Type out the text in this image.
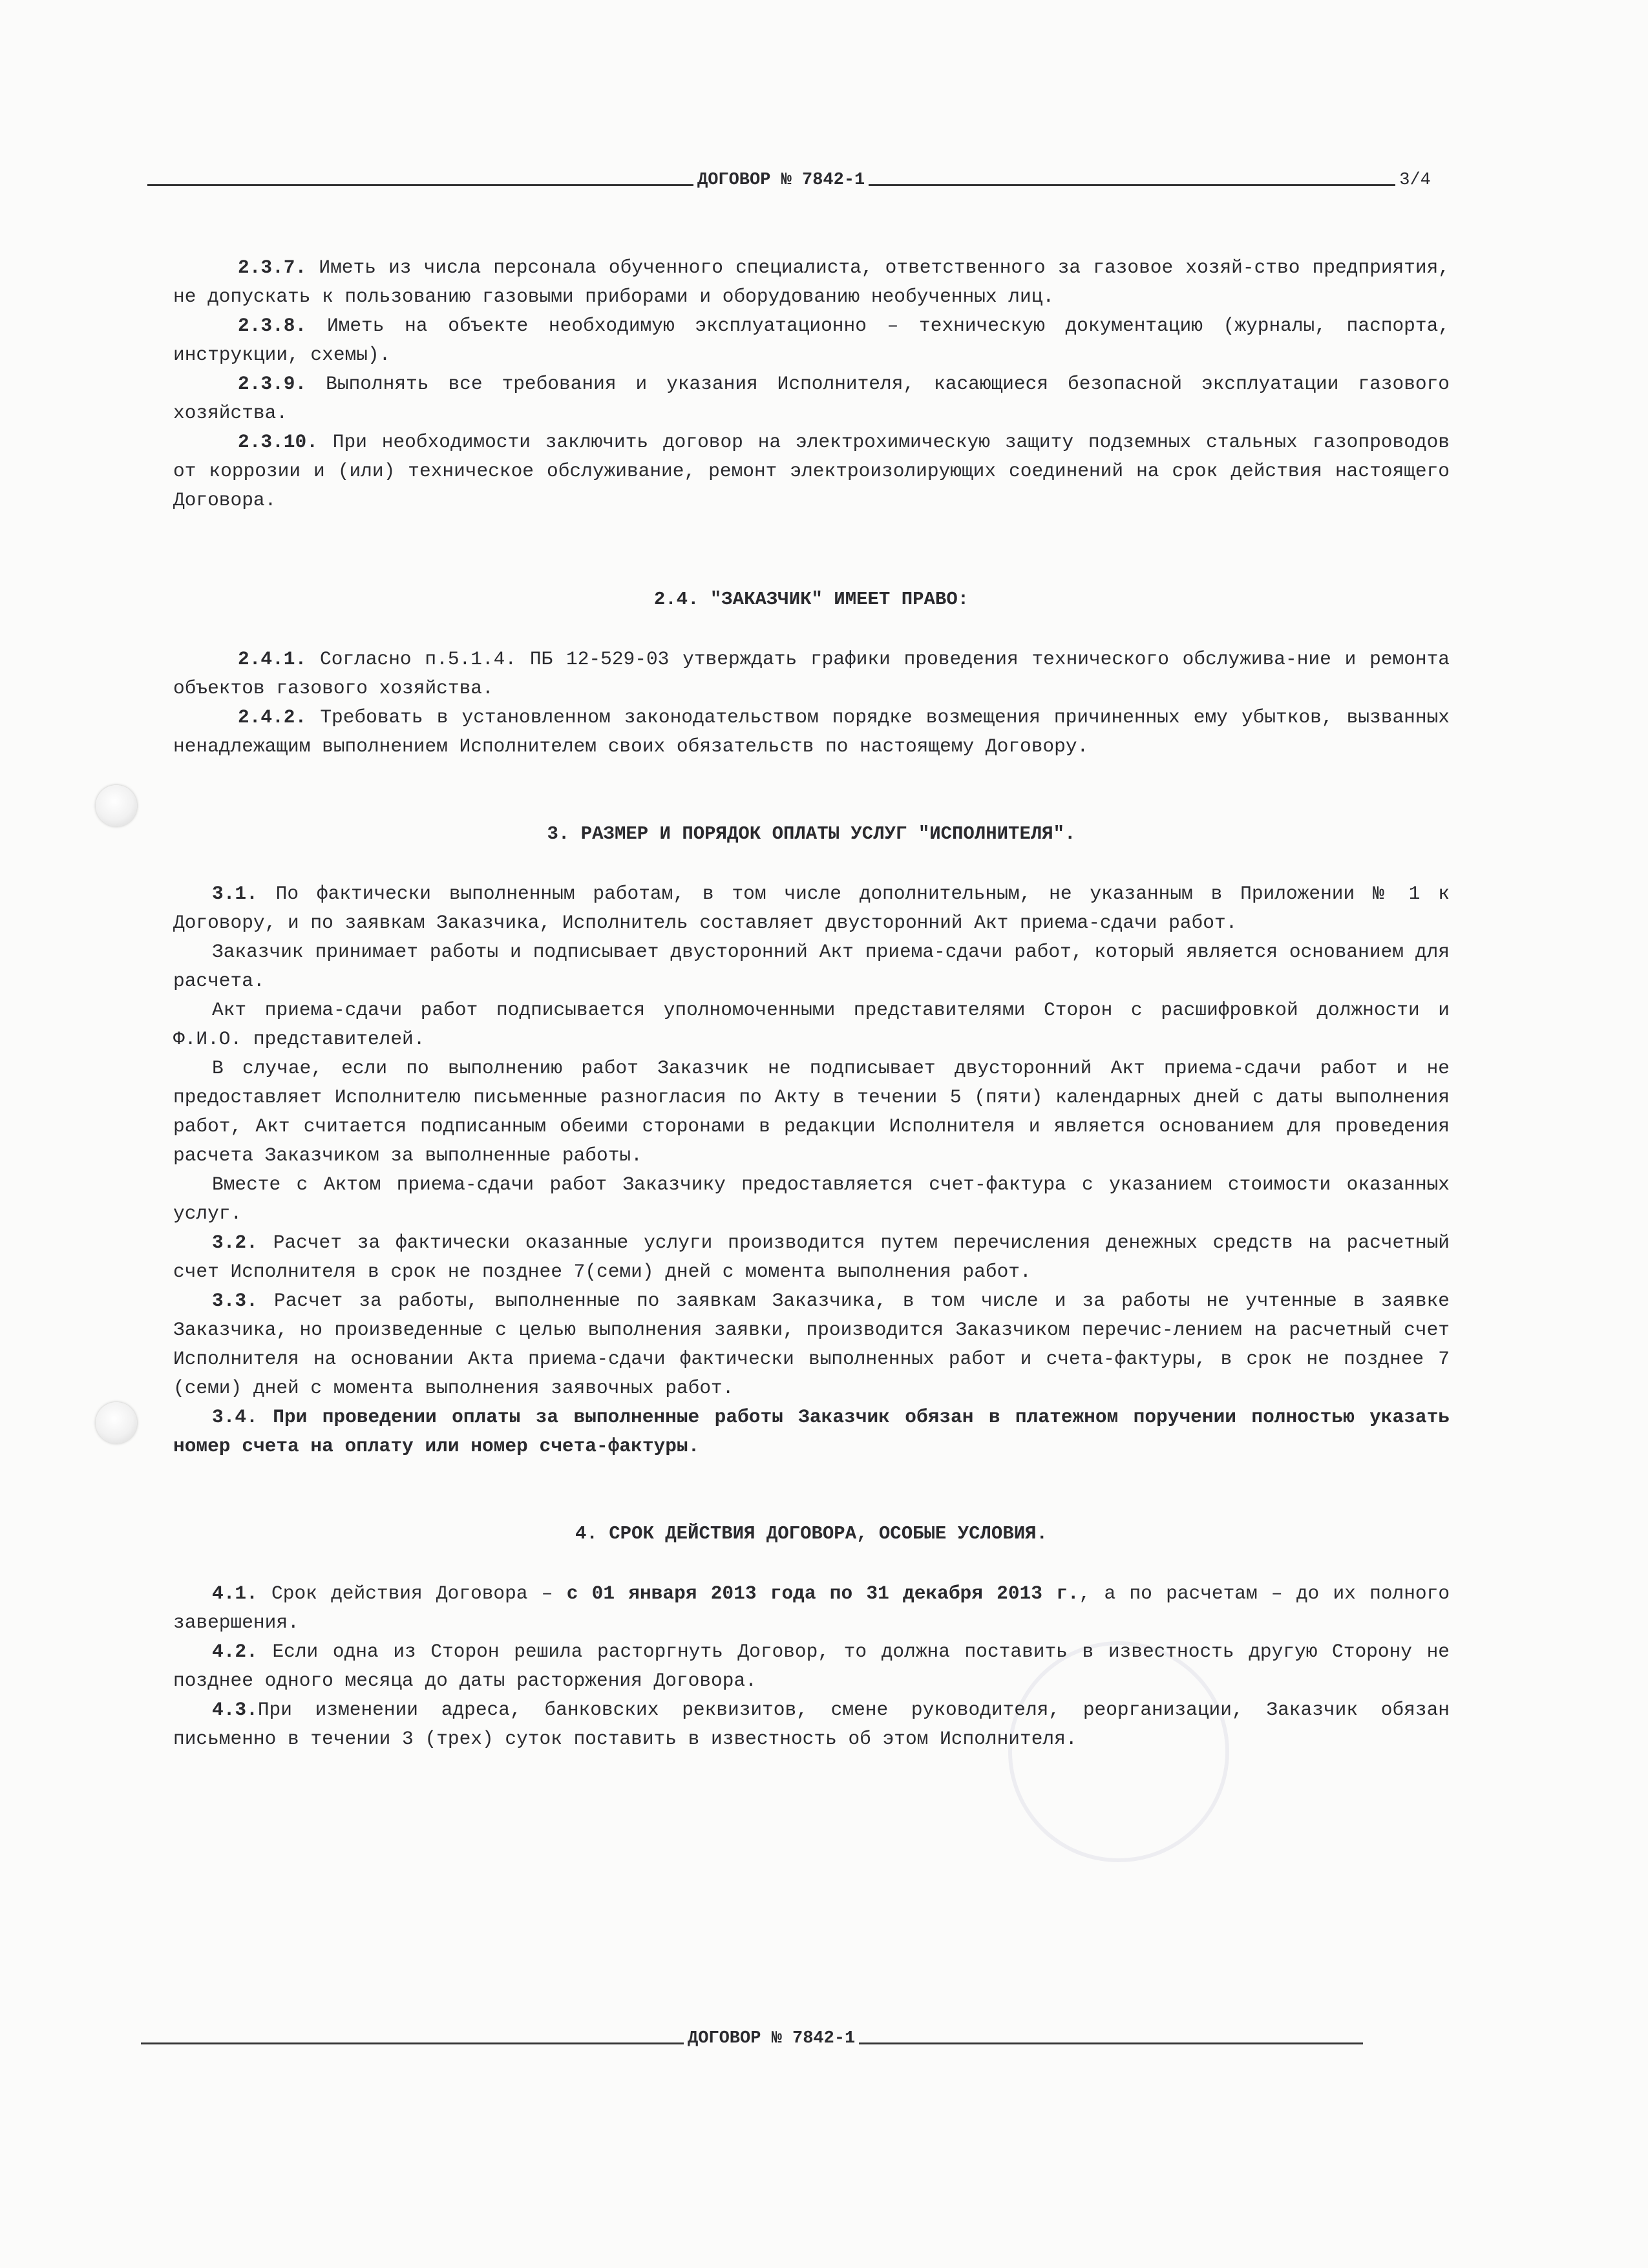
ДОГОВОР № 7842-1	3/4

2.3.7. Иметь из числа персонала обученного специалиста, ответственного за газовое хозяй-ство предприятия, не допускать к пользованию газовыми приборами и оборудованию необученных лиц.

2.3.8. Иметь на объекте необходимую эксплуатационно – техническую документацию (журналы, паспорта, инструкции, схемы).

2.3.9. Выполнять все требования и указания Исполнителя, касающиеся безопасной эксплуатации газового хозяйства.

2.3.10. При необходимости заключить договор на электрохимическую защиту подземных стальных газопроводов от коррозии и (или) техническое обслуживание, ремонт электроизолирующих соединений на срок действия настоящего Договора.

2.4. "ЗАКАЗЧИК" ИМЕЕТ ПРАВО:

2.4.1. Согласно п.5.1.4. ПБ 12-529-03 утверждать графики проведения технического обслужива-ние и ремонта объектов газового хозяйства.

2.4.2. Требовать в установленном законодательством порядке возмещения причиненных ему убытков, вызванных ненадлежащим выполнением Исполнителем своих обязательств по настоящему Договору.

3. РАЗМЕР И ПОРЯДОК ОПЛАТЫ УСЛУГ "ИСПОЛНИТЕЛЯ".

3.1. По фактически выполненным работам, в том числе дополнительным, не указанным в Приложении № 1 к Договору, и по заявкам Заказчика, Исполнитель составляет двусторонний Акт приема-сдачи работ.

Заказчик принимает работы и подписывает двусторонний Акт приема-сдачи работ, который является основанием для расчета.

Акт приема-сдачи работ подписывается уполномоченными представителями Сторон с расшифровкой должности и Ф.И.О. представителей.

В случае, если по выполнению работ Заказчик не подписывает двусторонний Акт приема-сдачи работ и не предоставляет Исполнителю письменные разногласия по Акту в течении 5 (пяти) календарных дней с даты выполнения работ, Акт считается подписанным обеими сторонами в редакции Исполнителя и является основанием для проведения расчета Заказчиком за выполненные работы.

Вместе с Актом приема-сдачи работ Заказчику предоставляется счет-фактура с указанием стоимости оказанных услуг.

3.2. Расчет за фактически оказанные услуги производится путем перечисления денежных средств на расчетный счет Исполнителя в срок не позднее 7(семи) дней с момента выполнения работ.

3.3. Расчет за работы, выполненные по заявкам Заказчика, в том числе и за работы не учтенные в заявке Заказчика, но произведенные с целью выполнения заявки, производится Заказчиком перечис-лением на расчетный счет Исполнителя на основании Акта приема-сдачи фактически выполненных работ и счета-фактуры, в срок не позднее 7 (семи) дней с момента выполнения заявочных работ.

3.4. При проведении оплаты за выполненные работы Заказчик обязан в платежном поручении полностью указать номер счета на оплату или номер счета-фактуры.

4. СРОК ДЕЙСТВИЯ ДОГОВОРА, ОСОБЫЕ УСЛОВИЯ.

4.1. Срок действия Договора – с 01 января 2013 года по 31 декабря 2013 г., а по расчетам – до их полного завершения.

4.2. Если одна из Сторон решила расторгнуть Договор, то должна поставить в известность другую Сторону не позднее одного месяца до даты расторжения Договора.

4.3.При изменении адреса, банковских реквизитов, смене руководителя, реорганизации, Заказчик обязан письменно в течении 3 (трех) суток поставить в известность об этом Исполнителя.

ДОГОВОР № 7842-1
